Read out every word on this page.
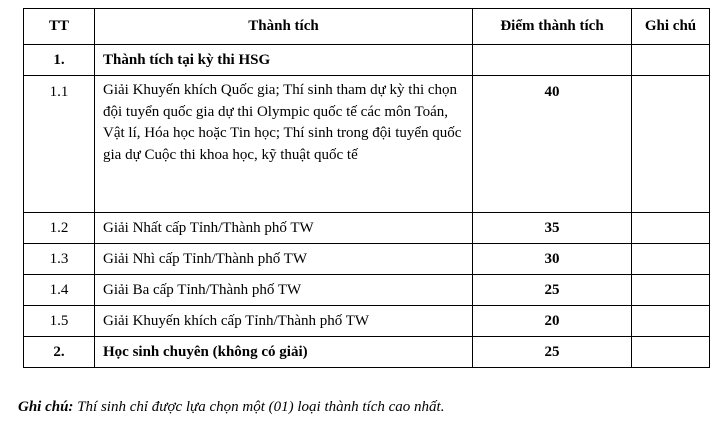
TT	Thành tích	Điểm thành tích	Ghi chú
1.	Thành tích tại kỳ thi HSG		
1.1	Giải Khuyến khích Quốc gia; Thí sinh tham dự kỳ thi chọn đội tuyển quốc gia dự thi Olympic quốc tế các môn Toán, Vật lí, Hóa học hoặc Tin học; Thí sinh trong đội tuyển quốc gia dự Cuộc thi khoa học, kỹ thuật quốc tế	40	
1.2	Giải Nhất cấp Tỉnh/Thành phố TW	35	
1.3	Giải Nhì cấp Tỉnh/Thành phố TW	30	
1.4	Giải Ba cấp Tỉnh/Thành phố TW	25	
1.5	Giải Khuyến khích cấp Tỉnh/Thành phố TW	20	
2.	Học sinh chuyên (không có giải)	25	
Ghi chú: Thí sinh chỉ được lựa chọn một (01) loại thành tích cao nhất.
